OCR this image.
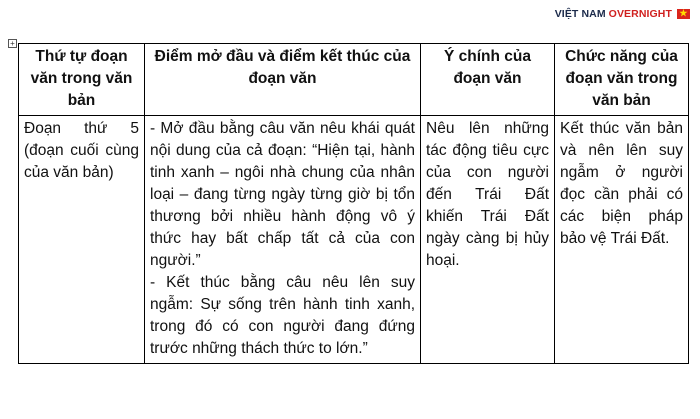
VIỆT NAM OVERNIGHT
★
+
Thứ tự đoạn văn trong văn bản	Điểm mở đầu và điểm kết thúc của đoạn văn	Ý chính của đoạn văn	Chức năng của đoạn văn trong văn bản
Đoạn thứ 5 (đoạn cuối cùng của văn bản)	- Mở đầu bằng câu văn nêu khái quát nội dung của cả đoạn: “Hiện tại, hành tinh xanh – ngôi nhà chung của nhân loại – đang từng ngày từng giờ bị tổn thương bởi nhiều hành động vô ý thức hay bất chấp tất cả của con người.”

- Kết thúc bằng câu nêu lên suy ngẫm: Sự sống trên hành tinh xanh, trong đó có con người đang đứng trước những thách thức to lớn.”	Nêu lên những tác động tiêu cực của con người đến Trái Đất khiến Trái Đất ngày càng bị hủy hoại.	Kết thúc văn bản và nên lên suy ngẫm ở người đọc cần phải có các biện pháp bảo vệ Trái Đất.
